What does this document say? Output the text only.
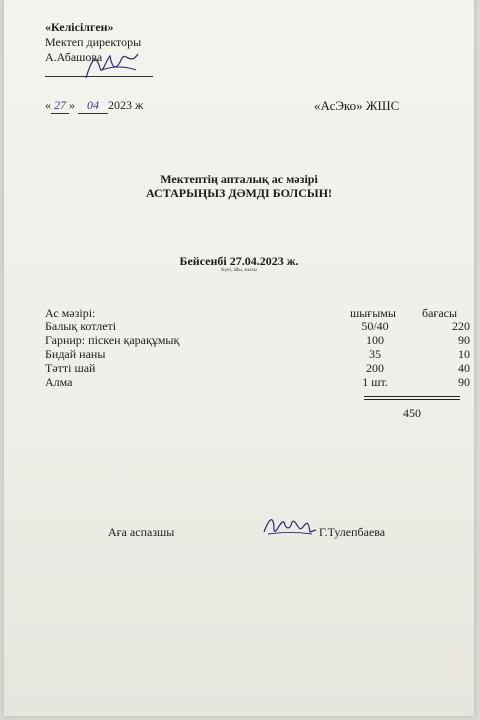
«Келісілген»
Мектеп директоры
А.Абашова
« 27 » 04 2023 ж	«АсЭко» ЖШС
Мектептің апталық ас мәзірі
АСТАРЫҢЫЗ ДӘМДІ БОЛСЫН!
Бейсенбі 27.04.2023 ж.
Күні, айы, жылы
Ас мәзірі:	шығымы бағасы
Балық котлеті	50/40	220
Гарнир: піскен қарақұмық	100	90
Бидай наны	35	10
Тәтті шай	200	40
Алма	1 шт.	90
450
Аға аспазшы	Г.Тулепбаева
